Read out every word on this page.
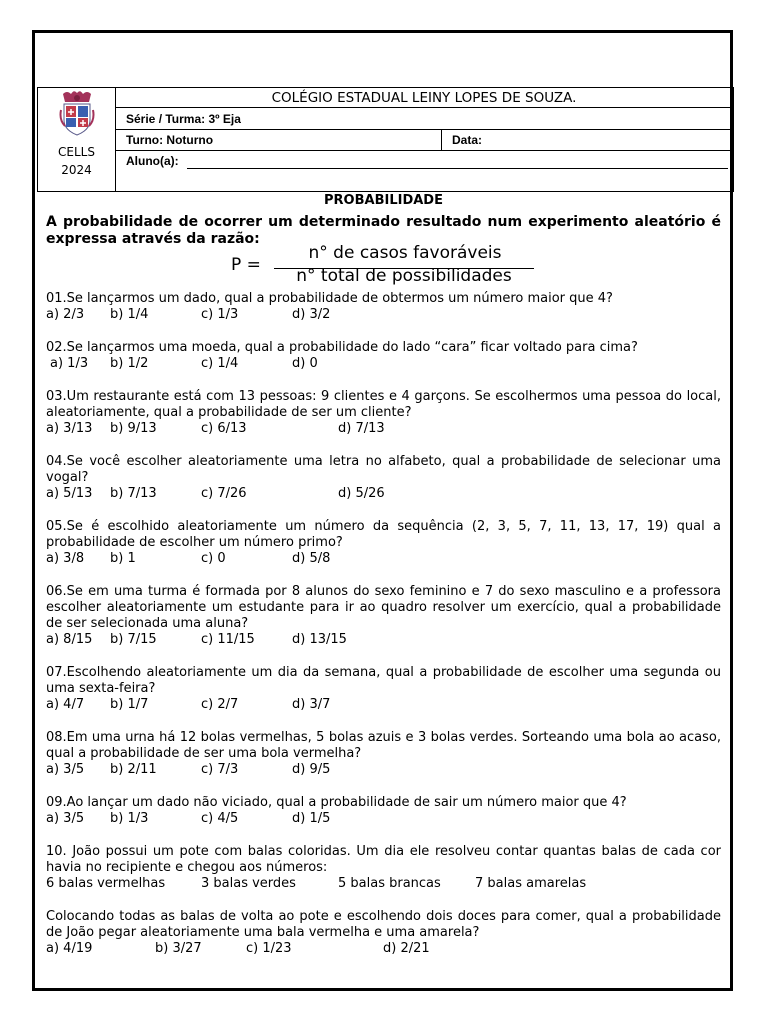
CELLS
2024
COLÉGIO ESTADUAL LEINY LOPES DE SOUZA.
Série / Turma: 3º Eja
Turno: Noturno	Data:
Aluno(a):
PROBABILIDADE
A probabilidade de ocorrer um determinado resultado num experimento aleatório é expressa através da razão:
P =
n° de casos favoráveis
n° total de possibilidades
01.Se lançarmos um dado, qual a probabilidade de obtermos um número maior que 4?
a) 2/3 b) 1/4	c) 1/3	d) 3/2
02.Se lançarmos uma moeda, qual a probabilidade do lado “cara” ficar voltado para cima?
a) 1/3 b) 1/2	c) 1/4	d) 0
03.Um restaurante está com 13 pessoas: 9 clientes e 4 garçons. Se escolhermos uma pessoa do local, aleatoriamente, qual a probabilidade de ser um cliente?
a) 3/13 b) 9/13	c) 6/13	d) 7/13
04.Se você escolher aleatoriamente uma letra no alfabeto, qual a probabilidade de selecionar uma vogal?
a) 5/13 b) 7/13	c) 7/26	d) 5/26
05.Se é escolhido aleatoriamente um número da sequência (2, 3, 5, 7, 11, 13, 17, 19) qual a probabilidade de escolher um número primo?
a) 3/8 b) 1	c) 0	d) 5/8
06.Se em uma turma é formada por 8 alunos do sexo feminino e 7 do sexo masculino e a professora escolher aleatoriamente um estudante para ir ao quadro resolver um exercício, qual a probabilidade de ser selecionada uma aluna?
a) 8/15 b) 7/15	c) 11/15	d) 13/15
07.Escolhendo aleatoriamente um dia da semana, qual a probabilidade de escolher uma segunda ou uma sexta-feira?
a) 4/7 b) 1/7	c) 2/7	d) 3/7
08.Em uma urna há 12 bolas vermelhas, 5 bolas azuis e 3 bolas verdes. Sorteando uma bola ao acaso, qual a probabilidade de ser uma bola vermelha?
a) 3/5 b) 2/11	c) 7/3	d) 9/5
09.Ao lançar um dado não viciado, qual a probabilidade de sair um número maior que 4?
a) 3/5 b) 1/3	c) 4/5	d) 1/5
10. João possui um pote com balas coloridas. Um dia ele resolveu contar quantas balas de cada cor havia no recipiente e chegou aos números:
6 balas vermelhas	3 balas verdes	5 balas brancas	7 balas amarelas
Colocando todas as balas de volta ao pote e escolhendo dois doces para comer, qual a probabilidade de João pegar aleatoriamente uma bala vermelha e uma amarela?
a) 4/19	b) 3/27	c) 1/23	d) 2/21
